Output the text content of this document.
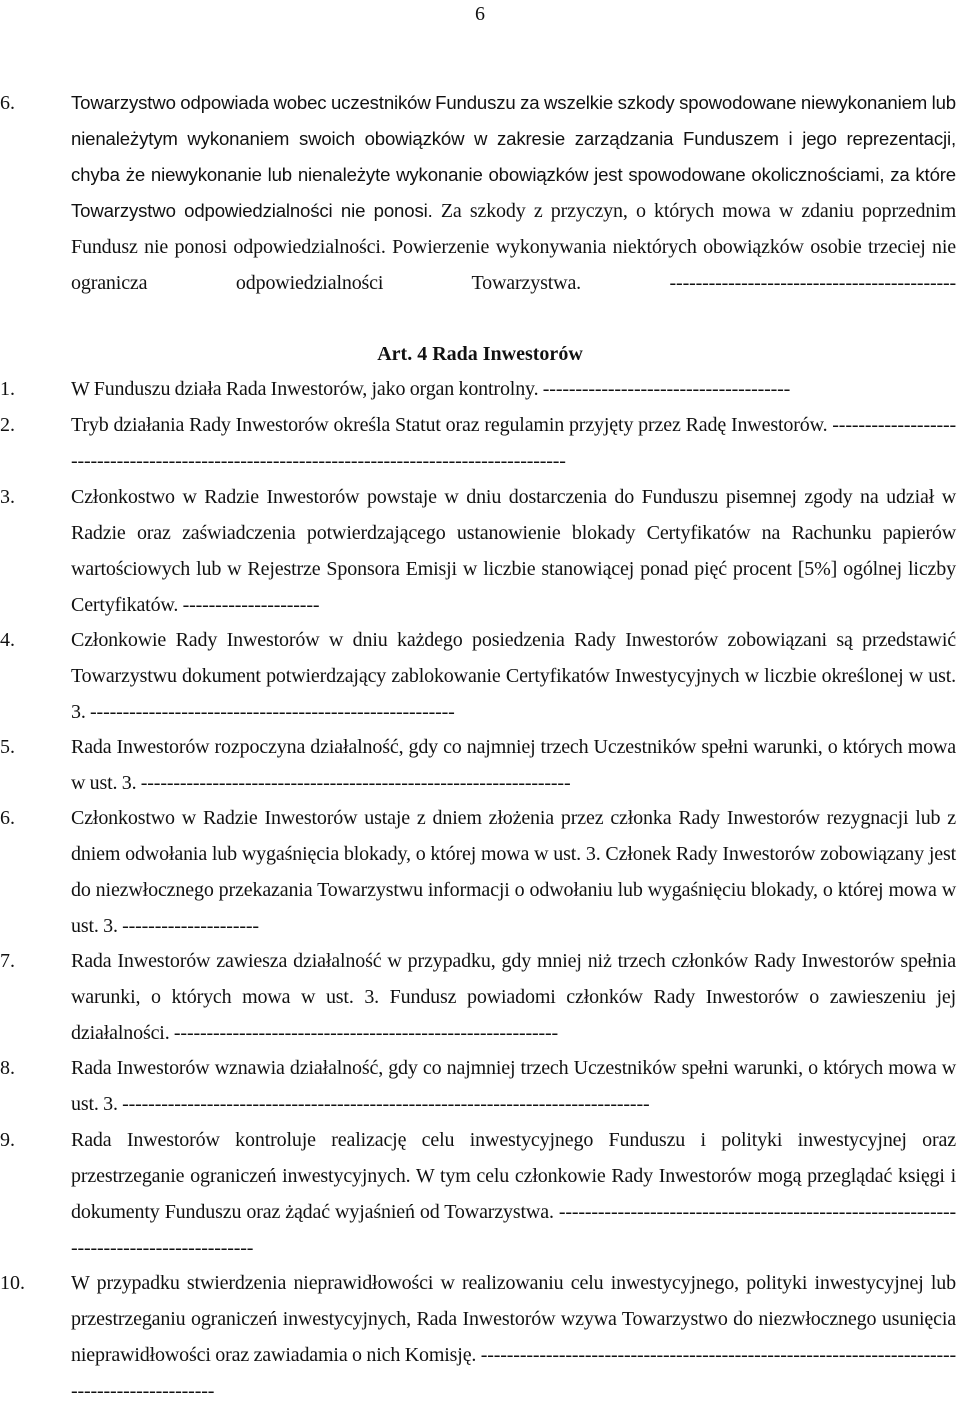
6
6.	Towarzystwo odpowiada wobec uczestników Funduszu za wszelkie szkody spowodowane niewykonaniem lub nienależytym wykonaniem swoich obowiązków w zakresie zarządzania Funduszem i jego reprezentacji, chyba że niewykonanie lub nienależyte wykonanie obowiązków jest spowodowane okolicznościami, za które Towarzystwo odpowiedzialności nie ponosi. Za szkody z przyczyn, o których mowa w zdaniu poprzednim Fundusz nie ponosi odpowiedzialności. Powierzenie wykonywania niektórych obowiązków osobie trzeciej nie ogranicza odpowiedzialności Towarzystwa. --------------------------------------------
Art. 4 Rada Inwestorów
1.	W Funduszu działa Rada Inwestorów, jako organ kontrolny. --------------------------------------
2.	Tryb działania Rady Inwestorów określa Statut oraz regulamin przyjęty przez Radę Inwestorów. -----------------------------------------------------------------------------------------------
3.	Członkostwo w Radzie Inwestorów powstaje w dniu dostarczenia do Funduszu pisemnej zgody na udział w Radzie oraz zaświadczenia potwierdzającego ustanowienie blokady Certyfikatów na Rachunku papierów wartościowych lub w Rejestrze Sponsora Emisji w liczbie stanowiącej ponad pięć procent [5%] ogólnej liczby Certyfikatów. ---------------------
4.	Członkowie Rady Inwestorów w dniu każdego posiedzenia Rady Inwestorów zobowiązani są przedstawić Towarzystwu dokument potwierdzający zablokowanie Certyfikatów Inwestycyjnych w liczbie określonej w ust. 3. --------------------------------------------------------
5.	Rada Inwestorów rozpoczyna działalność, gdy co najmniej trzech Uczestników spełni warunki, o których mowa w ust. 3. ------------------------------------------------------------------
6.	Członkostwo w Radzie Inwestorów ustaje z dniem złożenia przez członka Rady Inwestorów rezygnacji lub z dniem odwołania lub wygaśnięcia blokady, o której mowa w ust. 3. Członek Rady Inwestorów zobowiązany jest do niezwłocznego przekazania Towarzystwu informacji o odwołaniu lub wygaśnięciu blokady, o której mowa w ust. 3. ---------------------
7.	Rada Inwestorów zawiesza działalność w przypadku, gdy mniej niż trzech członków Rady Inwestorów spełnia warunki, o których mowa w ust. 3. Fundusz powiadomi członków Rady Inwestorów o zawieszeniu jej działalności. -----------------------------------------------------------
8.	Rada Inwestorów wznawia działalność, gdy co najmniej trzech Uczestników spełni warunki, o których mowa w ust. 3. ---------------------------------------------------------------------------------
9.	Rada Inwestorów kontroluje realizację celu inwestycyjnego Funduszu i polityki inwestycyjnej oraz przestrzeganie ograniczeń inwestycyjnych. W tym celu członkowie Rady Inwestorów mogą przeglądać księgi i dokumenty Funduszu oraz żądać wyjaśnień od Towarzystwa. -----------------------------------------------------------------------------------------
10. W przypadku stwierdzenia nieprawidłowości w realizowaniu celu inwestycyjnego, polityki inwestycyjnej lub przestrzeganiu ograniczeń inwestycyjnych, Rada Inwestorów wzywa Towarzystwo do niezwłocznego usunięcia nieprawidłowości oraz zawiadamia o nich Komisję. -----------------------------------------------------------------------------------------------
